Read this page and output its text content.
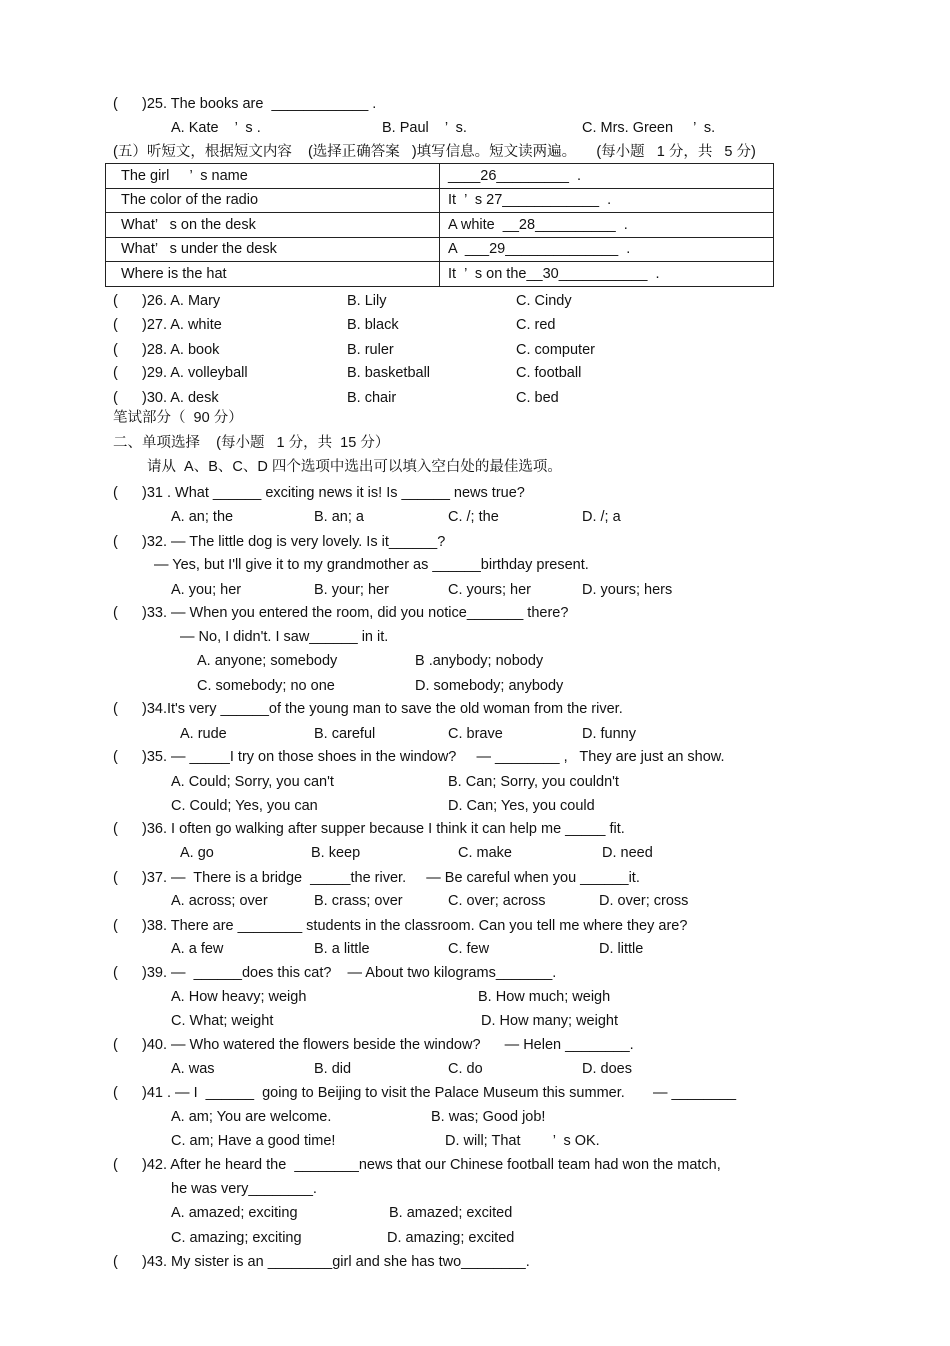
(      )25. The books are  ____________ .
A. Kate    ’  s .	B. Paul    ’  s.	C. Mrs. Green     ’  s.
(五）听短文，根据短文内容    (选择正确答案   )填写信息。短文读两遍。     (每小题   1 分，共   5 分)
The girl     ’  s name	____26_________  .
The color of the radio	It  ’  s 27____________  .
What’   s on the desk	A white  __28__________  .
What’   s under the desk	A  ___29______________  .
Where is the hat	It  ’  s on the__30___________  .
(      )26. A. Mary	B. Lily	C. Cindy
(      )27. A. white	B. black	C. red
(      )28. A. book	B. ruler	C. computer
(      )29. A. volleyball	B. basketball	C. football
(      )30. A. desk	B. chair	C. bed
笔试部分（  90 分）
二、单项选择    (每小题   1 分，共  15 分）
请从  A、B、C、D 四个选项中选出可以填入空白处的最佳选项。
(      )31 . What ______ exciting news it is! Is ______ news true?
A. an; the	B. an; a	C. /; the	D. /; a
(      )32. — The little dog is very lovely. Is it______?
— Yes, but I'll give it to my grandmother as ______birthday present.
A. you; her	B. your; her	C. yours; her	D. yours; hers
(      )33. — When you entered the room, did you notice_______ there?
— No, I didn't. I saw______ in it.
A. anyone; somebody	B .anybody; nobody
C. somebody; no one	D. somebody; anybody
(      )34.It's very ______of the young man to save the old woman from the river.
A. rude	B. careful	C. brave	D. funny
(      )35. — _____I try on those shoes in the window?     — ________ ,   They are just an show.
A. Could; Sorry, you can't	B. Can; Sorry, you couldn't
C. Could; Yes, you can	D. Can; Yes, you could
(      )36. I often go walking after supper because I think it can help me _____ fit.
A. go	B. keep	C. make	D. need
(      )37. —  There is a bridge  _____the river.     — Be careful when you ______it.
A. across; over	B. crass; over	C. over; across	D. over; cross
(      )38. There are ________ students in the classroom. Can you tell me where they are?
A. a few	B. a little	C. few	D. little
(      )39. —  ______does this cat?    — About two kilograms_______.
A. How heavy; weigh	B. How much; weigh
C. What; weight	D. How many; weight
(      )40. — Who watered the flowers beside the window?      — Helen ________.
A. was	B. did	C. do	D. does
(      )41 . — I  ______  going to Beijing to visit the Palace Museum this summer.       — ________
A. am; You are welcome.	B. was; Good job!
C. am; Have a good time!	D. will; That        ’  s OK.
(      )42. After he heard the  ________news that our Chinese football team had won the match,
he was very________.
A. amazed; exciting	B. amazed; excited
C. amazing; exciting	D. amazing; excited
(      )43. My sister is an ________girl and she has two________.
